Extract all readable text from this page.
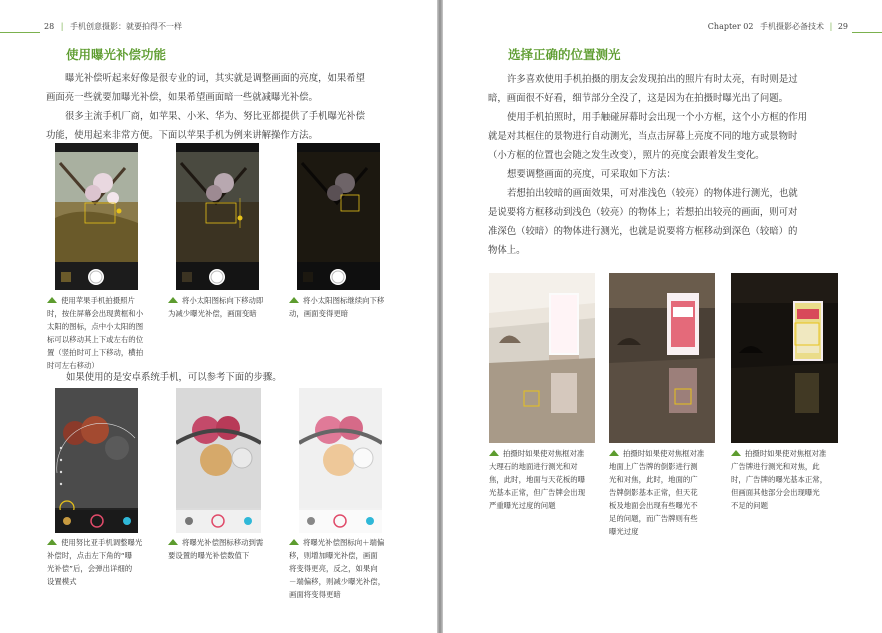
28 | 手机创意摄影：就要拍得不一样
使用曝光补偿功能
曝光补偿听起来好像是很专业的词，其实就是调整画面的亮度，如果希望
画面亮一些就要加曝光补偿，如果希望画面暗一些就减曝光补偿。
很多主流手机厂商，如苹果、小米、华为、努比亚都提供了手机曝光补偿
功能，使用起来非常方便。下面以苹果手机为例来讲解操作方法。
使用苹果手机拍摄照片
时，按住屏幕会出现黄框和小
太阳的图标，点中小太阳的图
标可以移动其上下或左右的位
置（竖拍时可上下移动，横拍
时可左右移动）
将小太阳图标向下移动即
为减少曝光补偿，画面变暗
将小太阳图标继续向下移
动，画面变得更暗
如果使用的是安卓系统手机，可以参考下面的步骤。
使用努比亚手机调整曝光
补偿时，点击左下角的“曝
光补偿”后，会弹出详细的
设置模式
将曝光补偿图标移动到需
要设置的曝光补偿数值下
将曝光补偿图标向＋端偏
移，则增加曝光补偿，画面
将变得更亮，反之，如果向
－端偏移，则减少曝光补偿，
画面将变得更暗
Chapter 02 手机摄影必备技术 | 29
选择正确的位置测光
许多喜欢使用手机拍摄的朋友会发现拍出的照片有时太亮，有时则是过
暗，画面很不好看，细节部分全没了，这是因为在拍摄时曝光出了问题。
使用手机拍照时，用手触碰屏幕时会出现一个小方框，这个小方框的作用
就是对其框住的景物进行自动测光，当点击屏幕上亮度不同的地方或景物时
（小方框的位置也会随之发生改变），照片的亮度会跟着发生变化。
想要调整画面的亮度，可采取如下方法：
若想拍出较暗的画面效果，可对准浅色（较亮）的物体进行测光，也就
是说要将方框移动到浅色（较亮）的物体上；若想拍出较亮的画面，则可对
准深色（较暗）的物体进行测光，也就是说要将方框移动到深色（较暗）的
物体上。
拍摄时如果使对焦框对准
大理石的地面进行测光和对
焦，此时，地面与天花板的曝
光基本正常，但广告牌会出现
严重曝光过度的问题
拍摄时如果使对焦框对准
地面上广告牌的倒影进行测
光和对焦，此时，地面的广
告牌倒影基本正常，但天花
板及地面会出现有些曝光不
足的问题，而广告牌则有些
曝光过度
拍摄时如果使对焦框对准
广告牌进行测光和对焦，此
时，广告牌的曝光基本正常，
但画面其他部分会出现曝光
不足的问题
